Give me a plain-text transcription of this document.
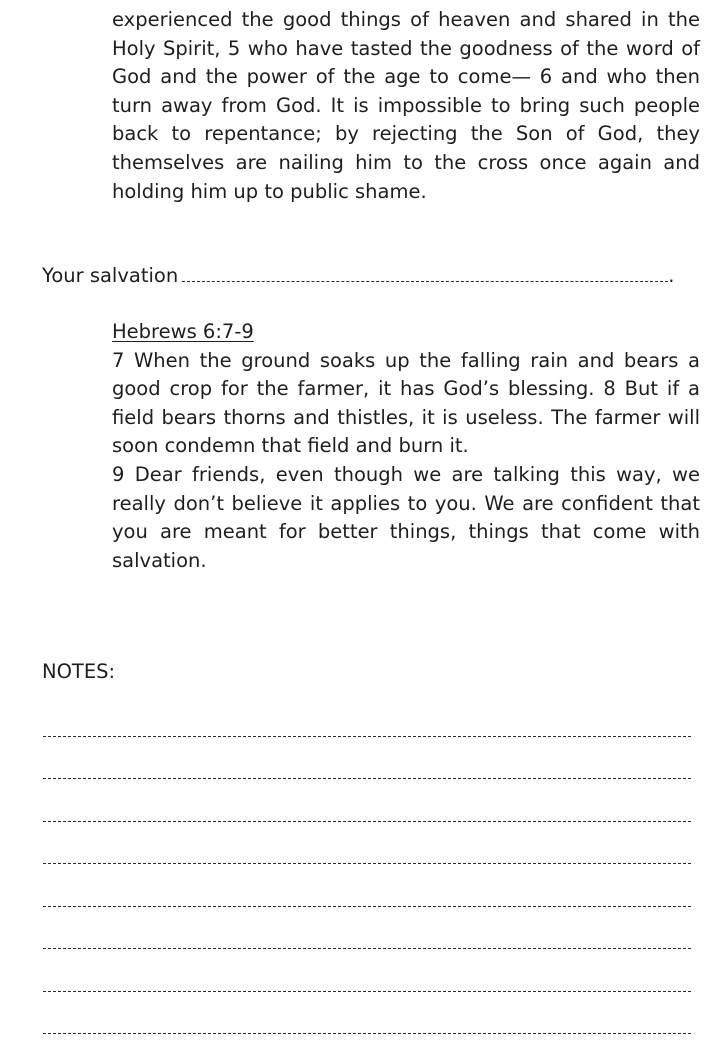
experienced the good things of heaven and shared in the Holy Spirit, 5 who have tasted the goodness of the word of God and the power of the age to come— 6 and who then turn away from God. It is impossible to bring such people back to repentance; by rejecting the Son of God, they themselves are nailing him to the cross once again and holding him up to public shame.

Your salvation	.

Hebrews 6:7-9

7 When the ground soaks up the falling rain and bears a good crop for the farmer, it has God’s blessing. 8 But if a field bears thorns and thistles, it is useless. The farmer will soon condemn that field and burn it.

9 Dear friends, even though we are talking this way, we really don’t believe it applies to you. We are confident that you are meant for better things, things that come with salvation.

NOTES:
